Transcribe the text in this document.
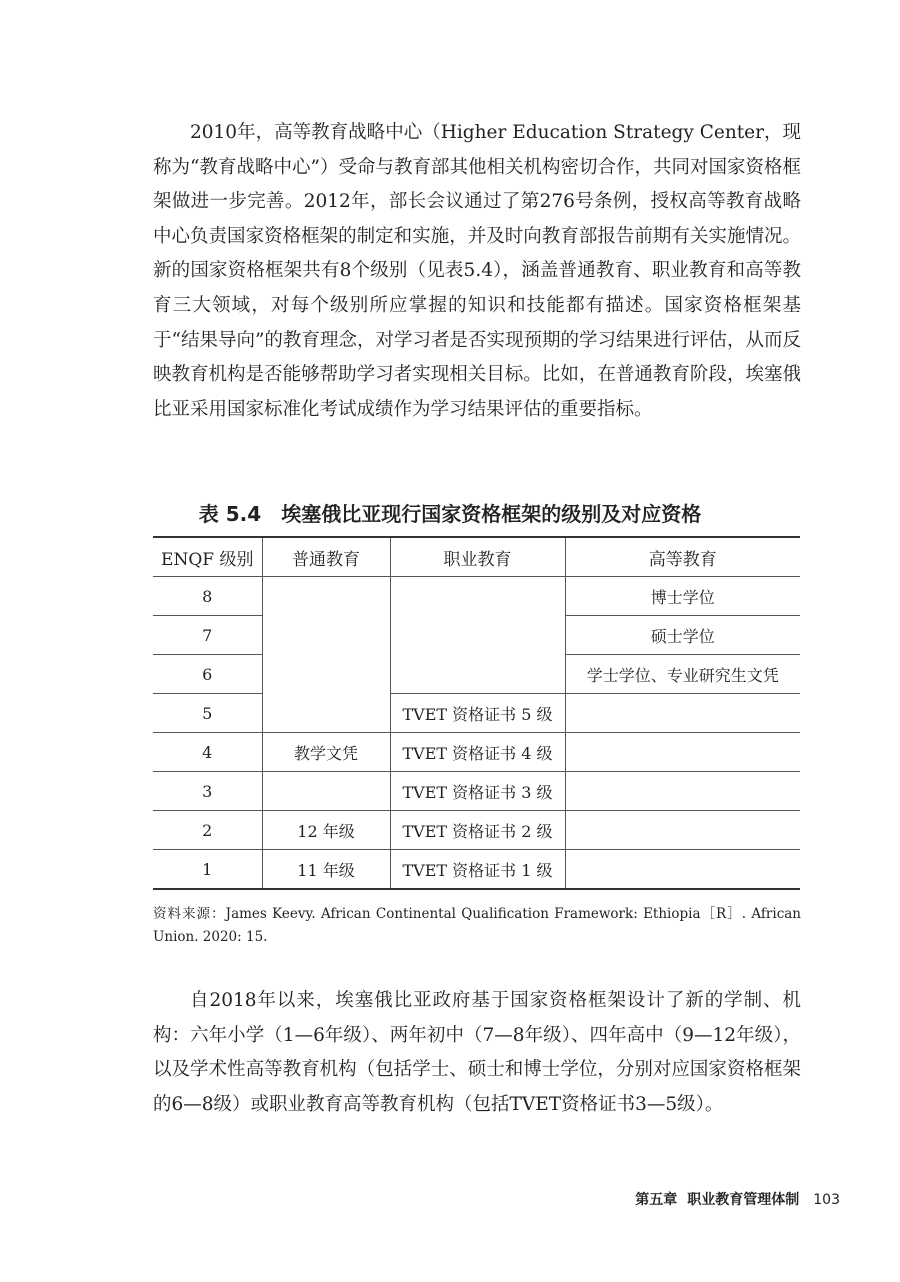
2010年，高等教育战略中心（Higher Education Strategy Center，现称为“教育战略中心”）受命与教育部其他相关机构密切合作，共同对国家资格框架做进一步完善。2012年，部长会议通过了第276号条例，授权高等教育战略中心负责国家资格框架的制定和实施，并及时向教育部报告前期有关实施情况。新的国家资格框架共有8个级别（见表5.4），涵盖普通教育、职业教育和高等教育三大领域，对每个级别所应掌握的知识和技能都有描述。国家资格框架基于“结果导向”的教育理念，对学习者是否实现预期的学习结果进行评估，从而反映教育机构是否能够帮助学习者实现相关目标。比如，在普通教育阶段，埃塞俄比亚采用国家标准化考试成绩作为学习结果评估的重要指标。

表 5.4 埃塞俄比亚现行国家资格框架的级别及对应资格

ENQF 级别	普通教育	职业教育	高等教育
8			博士学位
7			硕士学位
6			学士学位、专业研究生文凭
5		TVET 资格证书 5 级	
4	教学文凭	TVET 资格证书 4 级	
3		TVET 资格证书 3 级	
2	12 年级	TVET 资格证书 2 级	
1	11 年级	TVET 资格证书 1 级	

资料来源：James Keevy. African Continental Qualification Framework: Ethiopia［R］. African Union. 2020: 15.

自2018年以来，埃塞俄比亚政府基于国家资格框架设计了新的学制、机构：六年小学（1—6年级）、两年初中（7—8年级）、四年高中（9—12年级），以及学术性高等教育机构（包括学士、硕士和博士学位，分别对应国家资格框架的6—8级）或职业教育高等教育机构（包括TVET资格证书3—5级）。

第五章 职业教育管理体制 103
